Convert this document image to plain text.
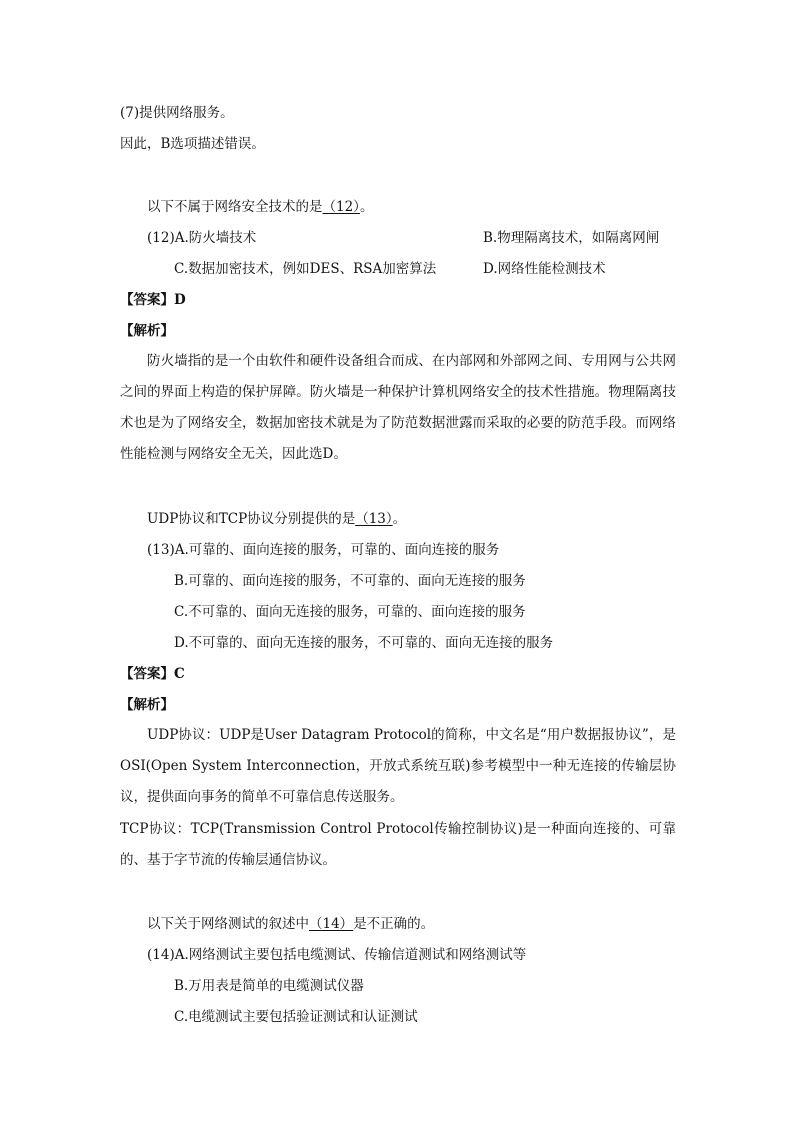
(7)提供网络服务。
因此，B选项描述错误。
以下不属于网络安全技术的是（12）。
(12)A.防火墙技术	B.物理隔离技术，如隔离网闸
C.数据加密技术，例如DES、RSA加密算法	D.网络性能检测技术
【答案】D
【解析】
防火墙指的是一个由软件和硬件设备组合而成、在内部网和外部网之间、专用网与公共网之间的界面上构造的保护屏障。防火墙是一种保护计算机网络安全的技术性措施。物理隔离技术也是为了网络安全，数据加密技术就是为了防范数据泄露而采取的必要的防范手段。而网络性能检测与网络安全无关，因此选D。
UDP协议和TCP协议分别提供的是（13）。
(13)A.可靠的、面向连接的服务，可靠的、面向连接的服务
B.可靠的、面向连接的服务，不可靠的、面向无连接的服务
C.不可靠的、面向无连接的服务，可靠的、面向连接的服务
D.不可靠的、面向无连接的服务，不可靠的、面向无连接的服务
【答案】C
【解析】
UDP协议：UDP是User Datagram Protocol的简称，中文名是“用户数据报协议”，是OSI(Open System Interconnection，开放式系统互联)参考模型中一种无连接的传输层协议，提供面向事务的简单不可靠信息传送服务。
TCP协议：TCP(Transmission Control Protocol传输控制协议)是一种面向连接的、可靠的、基于字节流的传输层通信协议。
以下关于网络测试的叙述中（14）是不正确的。
(14)A.网络测试主要包括电缆测试、传输信道测试和网络测试等
B.万用表是简单的电缆测试仪器
C.电缆测试主要包括验证测试和认证测试
